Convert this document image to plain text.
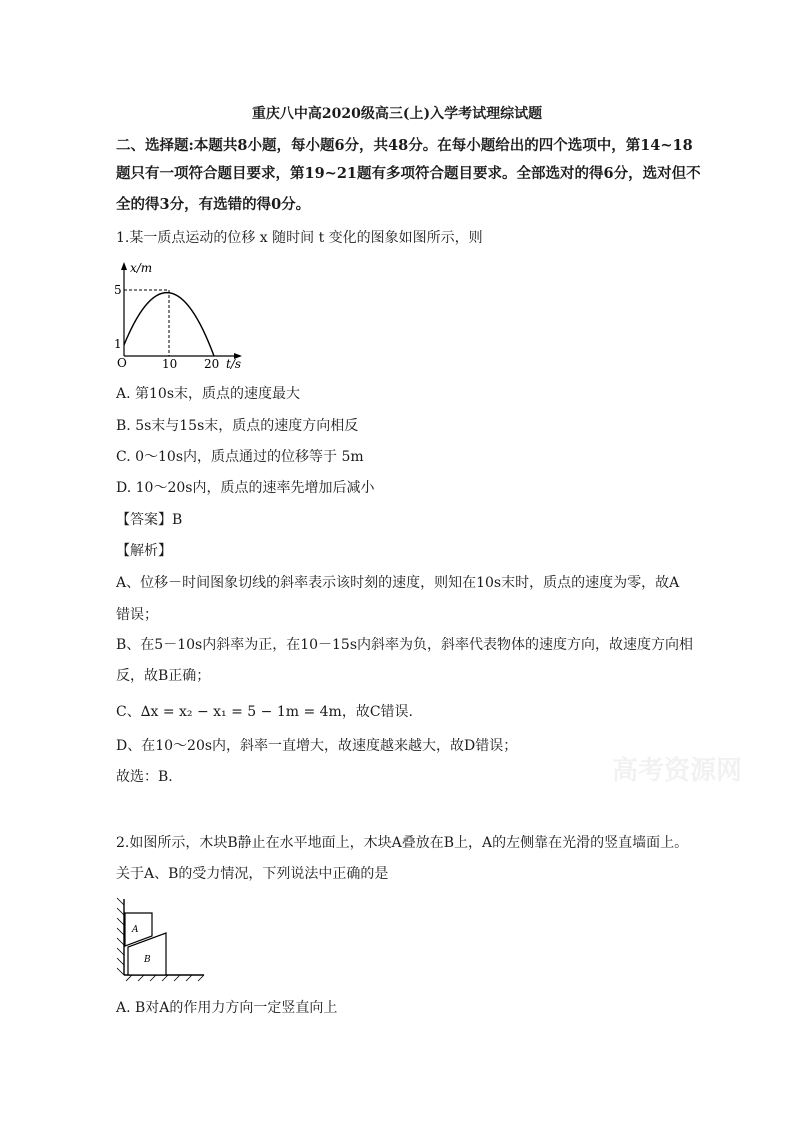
重庆八中高2020级高三(上)入学考试理综试题
二、选择题:本题共8小题，每小题6分，共48分。在每小题给出的四个选项中，第14~18
题只有一项符合题目要求，第19~21题有多项符合题目要求。全部选对的得6分，选对但不
全的得3分，有选错的得0分。
1.某一质点运动的位移 x 随时间 t 变化的图象如图所示，则
x/m
5
1
O	10 20 t/s
A. 第10s末，质点的速度最大
B. 5s末与15s末，质点的速度方向相反
C. 0～10s内，质点通过的位移等于 5m
D. 10～20s内，质点的速率先增加后减小
【答案】B
【解析】
A、位移－时间图象切线的斜率表示该时刻的速度，则知在10s末时，质点的速度为零，故A
错误；
B、在5－10s内斜率为正，在10－15s内斜率为负，斜率代表物体的速度方向，故速度方向相
反，故B正确；
C、∆x = x₂ − x₁ = 5 − 1m = 4m，故C错误.
D、在10～20s内，斜率一直增大，故速度越来越大，故D错误；
故选：B.	高考资源网
2.如图所示，木块B静止在水平地面上，木块A叠放在B上，A的左侧靠在光滑的竖直墙面上。
关于A、B的受力情况，下列说法中正确的是
A
B
A. B对A的作用力方向一定竖直向上
